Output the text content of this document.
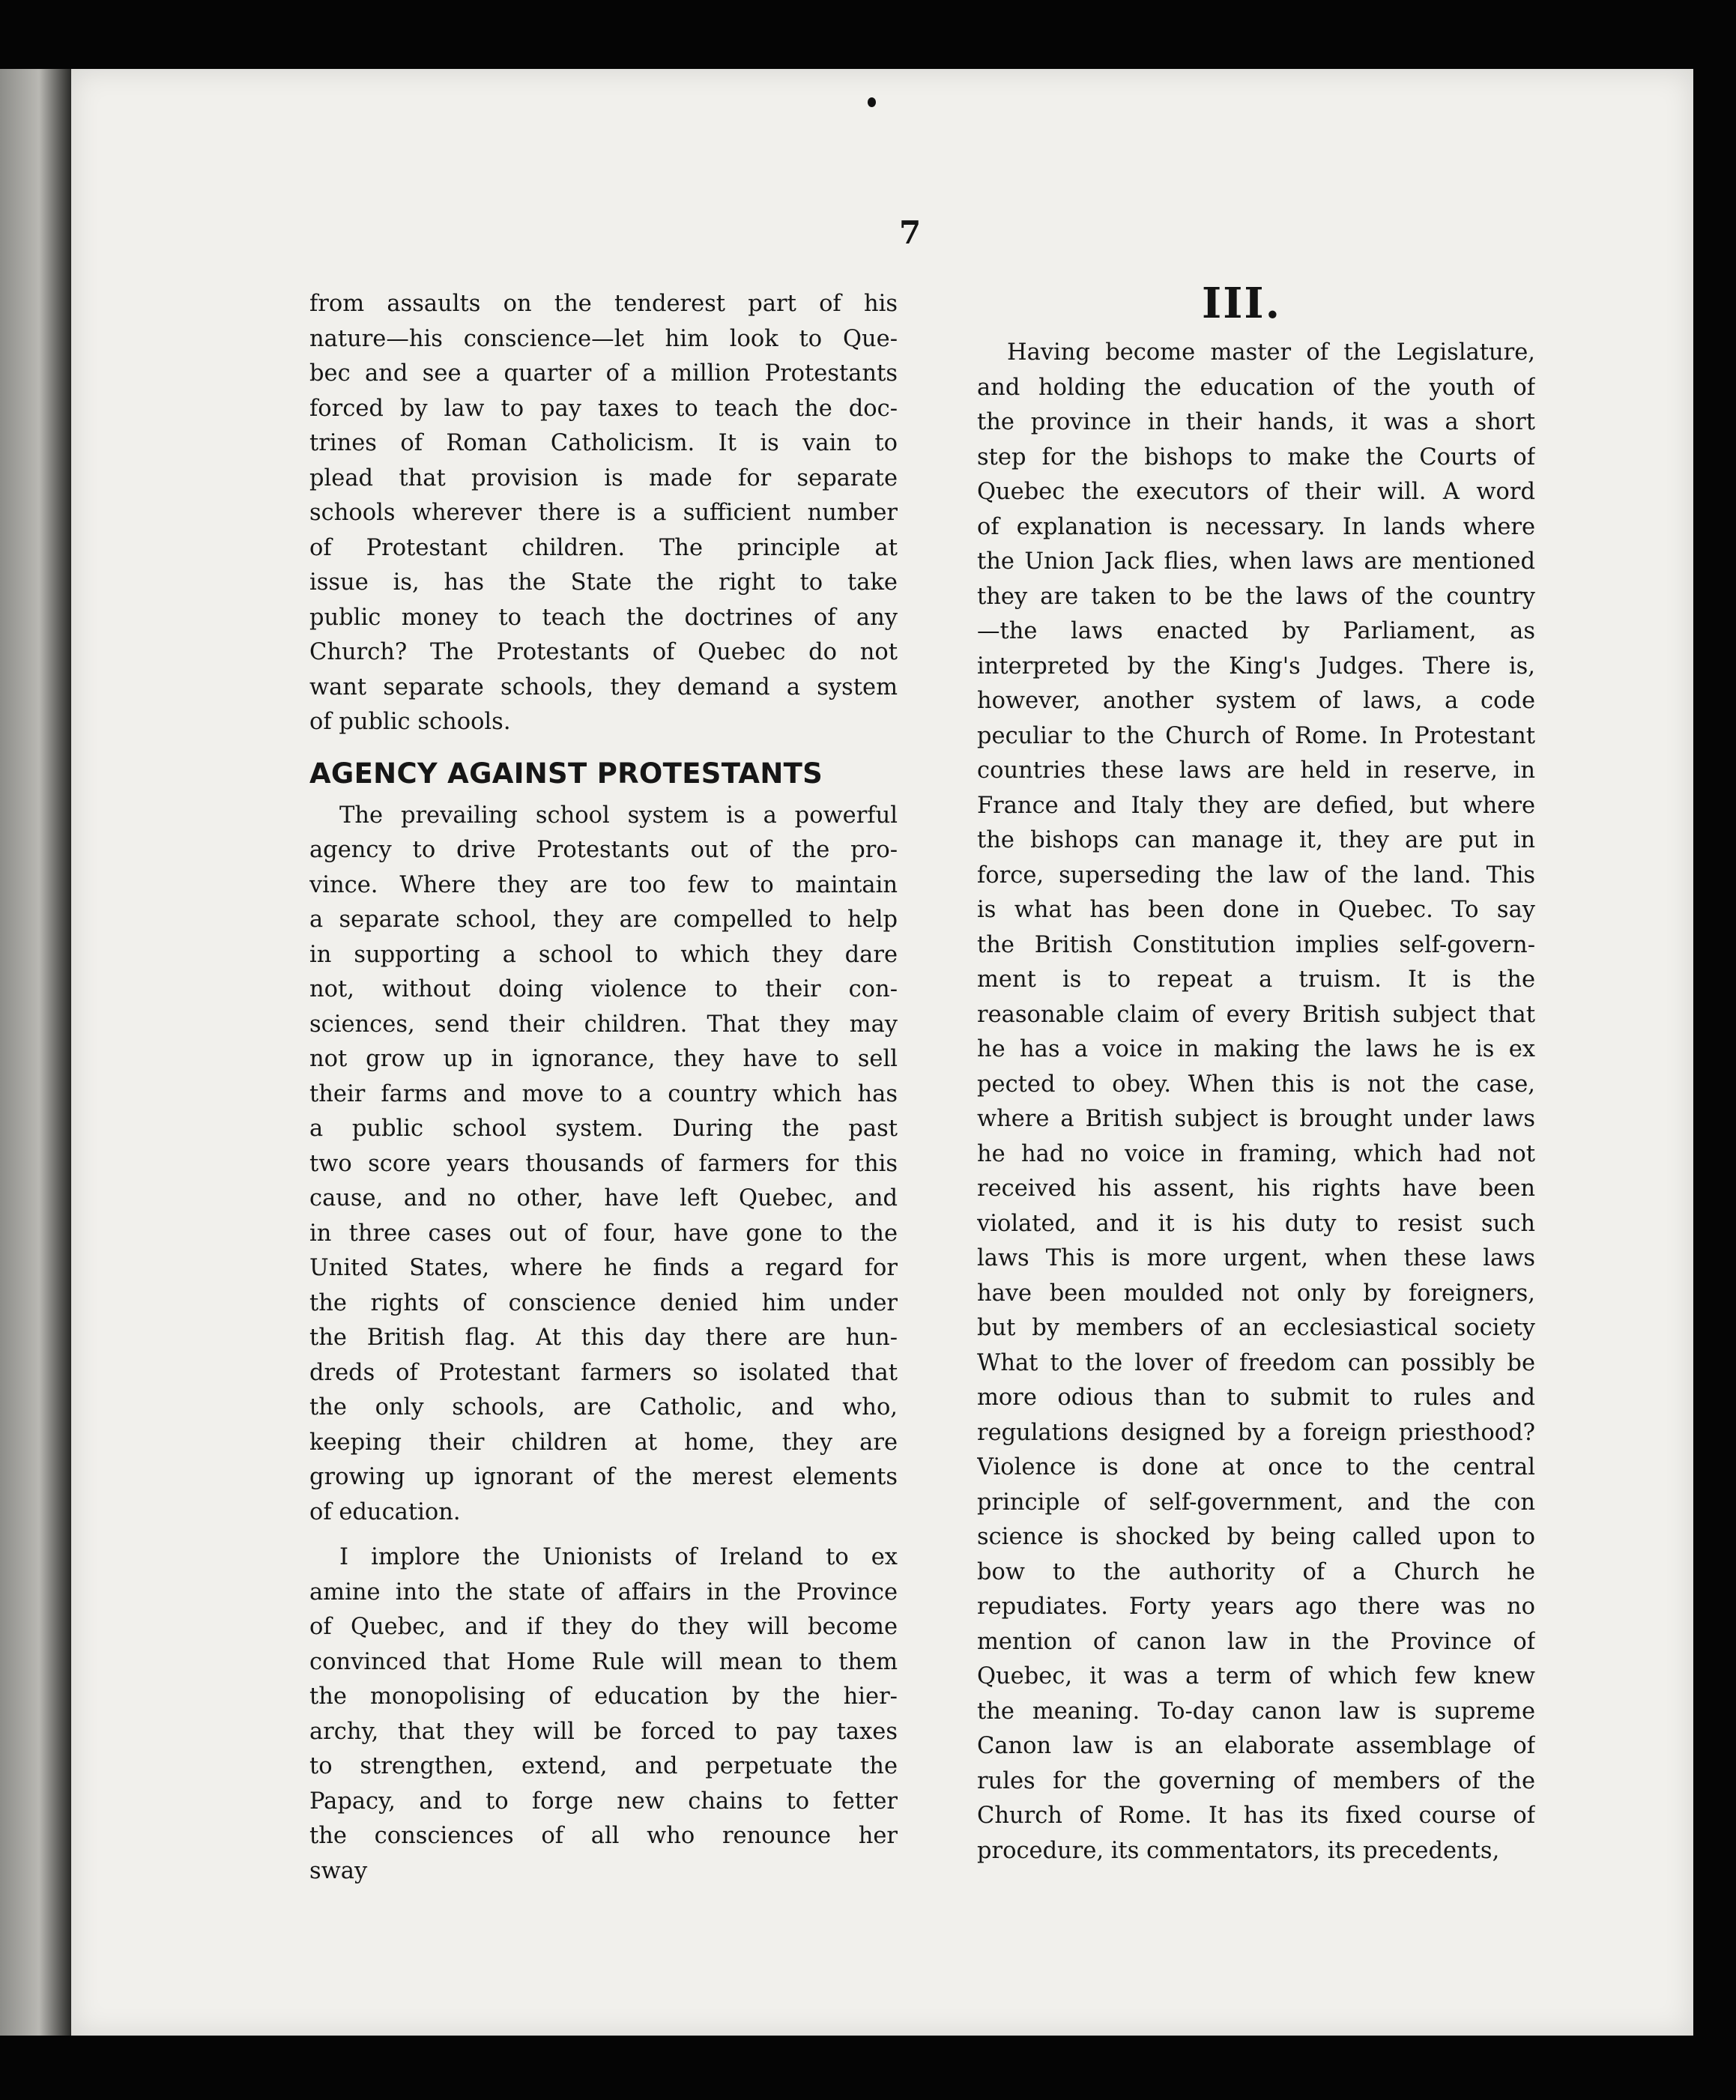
7
from assaults on the tenderest part of his
nature—his conscience—let him look to Que-
bec and see a quarter of a million Protestants
forced by law to pay taxes to teach the doc-
trines of Roman Catholicism. It is vain to
plead that provision is made for separate
schools wherever there is a sufficient number
of Protestant children. The principle at
issue is, has the State the right to take
public money to teach the doctrines of any
Church? The Protestants of Quebec do not
want separate schools, they demand a system
of public schools.
AGENCY AGAINST PROTESTANTS
The prevailing school system is a powerful
agency to drive Protestants out of the pro-
vince. Where they are too few to maintain
a separate school, they are compelled to help
in supporting a school to which they dare
not, without doing violence to their con-
sciences, send their children. That they may
not grow up in ignorance, they have to sell
their farms and move to a country which has
a public school system. During the past
two score years thousands of farmers for this
cause, and no other, have left Quebec, and
in three cases out of four, have gone to the
United States, where he finds a regard for
the rights of conscience denied him under
the British flag. At this day there are hun-
dreds of Protestant farmers so isolated that
the only schools, are Catholic, and who,
keeping their children at home, they are
growing up ignorant of the merest elements
of education.
I implore the Unionists of Ireland to ex
amine into the state of affairs in the Province
of Quebec, and if they do they will become
convinced that Home Rule will mean to them
the monopolising of education by the hier-
archy, that they will be forced to pay taxes
to strengthen, extend, and perpetuate the
Papacy, and to forge new chains to fetter
the consciences of all who renounce her
sway
III.
Having become master of the Legislature,
and holding the education of the youth of
the province in their hands, it was a short
step for the bishops to make the Courts of
Quebec the executors of their will. A word
of explanation is necessary. In lands where
the Union Jack flies, when laws are mentioned
they are taken to be the laws of the country
—the laws enacted by Parliament, as
interpreted by the King's Judges. There is,
however, another system of laws, a code
peculiar to the Church of Rome. In Protestant
countries these laws are held in reserve, in
France and Italy they are defied, but where
the bishops can manage it, they are put in
force, superseding the law of the land. This
is what has been done in Quebec. To say
the British Constitution implies self-govern-
ment is to repeat a truism. It is the
reasonable claim of every British subject that
he has a voice in making the laws he is ex
pected to obey. When this is not the case,
where a British subject is brought under laws
he had no voice in framing, which had not
received his assent, his rights have been
violated, and it is his duty to resist such
laws This is more urgent, when these laws
have been moulded not only by foreigners,
but by members of an ecclesiastical society
What to the lover of freedom can possibly be
more odious than to submit to rules and
regulations designed by a foreign priesthood?
Violence is done at once to the central
principle of self-government, and the con
science is shocked by being called upon to
bow to the authority of a Church he
repudiates. Forty years ago there was no
mention of canon law in the Province of
Quebec, it was a term of which few knew
the meaning. To-day canon law is supreme
Canon law is an elaborate assemblage of
rules for the governing of members of the
Church of Rome. It has its fixed course of
procedure, its commentators, its precedents,
